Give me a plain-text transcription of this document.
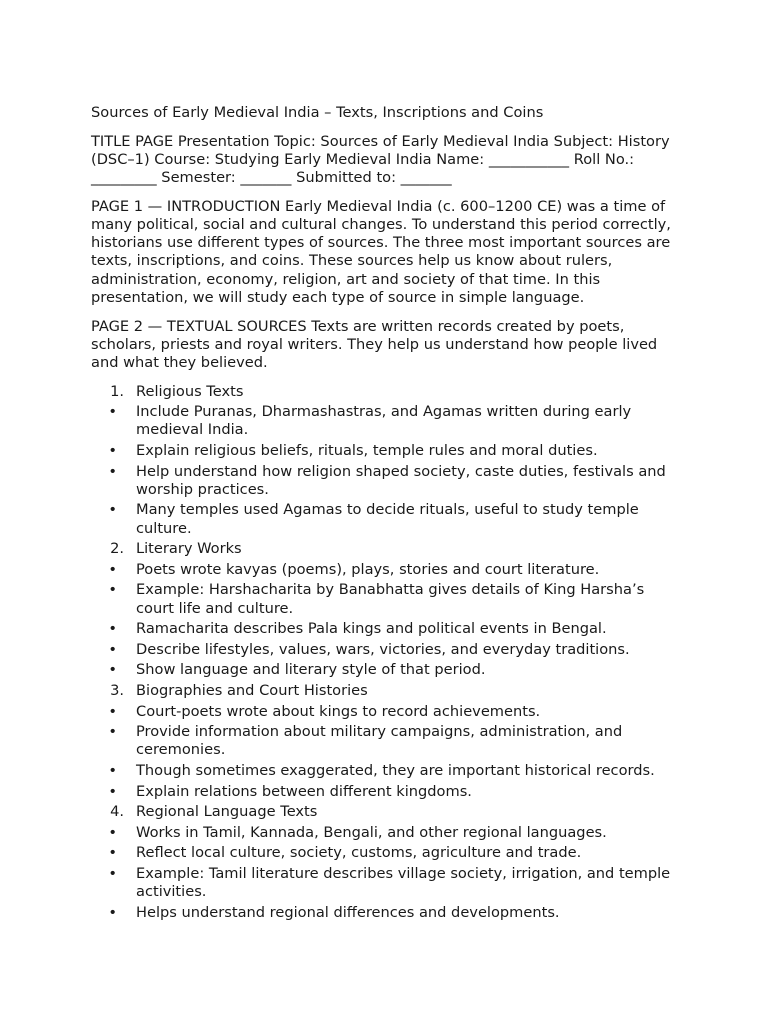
Sources of Early Medieval India – Texts, Inscriptions and Coins

TITLE PAGE Presentation Topic: Sources of Early Medieval India Subject: History (DSC–1) Course: Studying Early Medieval India Name: ___________ Roll No.: _________ Semester: _______ Submitted to: _______

PAGE 1 — INTRODUCTION Early Medieval India (c. 600–1200 CE) was a time of many political, social and cultural changes. To understand this period correctly, historians use different types of sources. The three most important sources are texts, inscriptions, and coins. These sources help us know about rulers, administration, economy, religion, art and society of that time. In this presentation, we will study each type of source in simple language.

PAGE 2 — TEXTUAL SOURCES Texts are written records created by poets, scholars, priests and royal writers. They help us understand how people lived and what they believed.

1. Religious Texts
• Include Puranas, Dharmashastras, and Agamas written during early medieval India.
• Explain religious beliefs, rituals, temple rules and moral duties.
• Help understand how religion shaped society, caste duties, festivals and worship practices.
• Many temples used Agamas to decide rituals, useful to study temple culture.
2. Literary Works
• Poets wrote kavyas (poems), plays, stories and court literature.
• Example: Harshacharita by Banabhatta gives details of King Harsha’s court life and culture.
• Ramacharita describes Pala kings and political events in Bengal.
• Describe lifestyles, values, wars, victories, and everyday traditions.
• Show language and literary style of that period.
3. Biographies and Court Histories
• Court-poets wrote about kings to record achievements.
• Provide information about military campaigns, administration, and ceremonies.
• Though sometimes exaggerated, they are important historical records.
• Explain relations between different kingdoms.
4. Regional Language Texts
• Works in Tamil, Kannada, Bengali, and other regional languages.
• Reflect local culture, society, customs, agriculture and trade.
• Example: Tamil literature describes village society, irrigation, and temple activities.
• Helps understand regional differences and developments.
